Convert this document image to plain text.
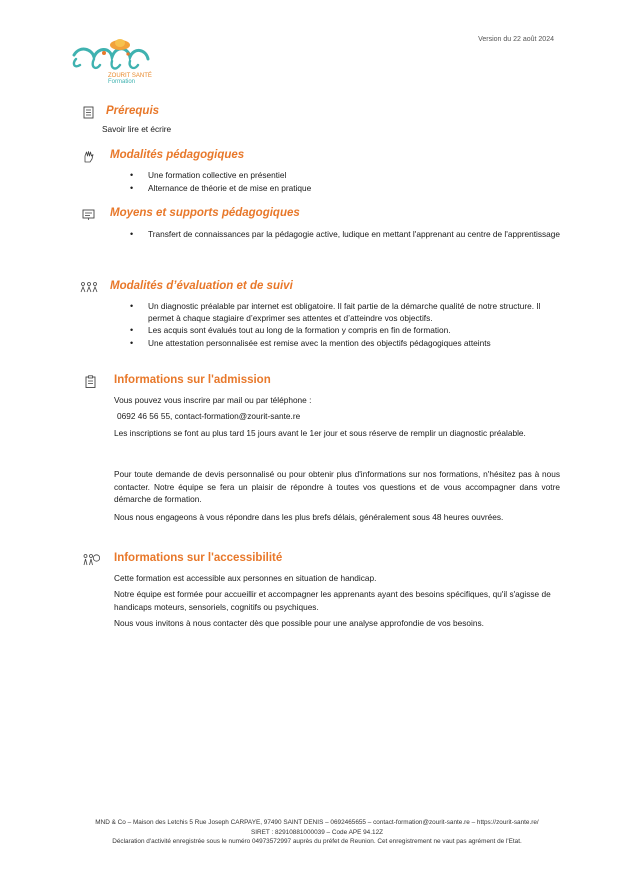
Version du 22 août 2024
ZOURIT SANTÉ
Formation
Prérequis
Savoir lire et écrire
Modalités pédagogiques
• Une formation collective en présentiel
• Alternance de théorie et de mise en pratique
Moyens et supports pédagogiques
• Transfert de connaissances par la pédagogie active, ludique en mettant l'apprenant au centre de l'apprentissage
Modalités d’évaluation et de suivi
• Un diagnostic préalable par internet est obligatoire. Il fait partie de la démarche qualité de notre structure. Il permet à chaque stagiaire d’exprimer ses attentes et d’atteindre vos objectifs.
• Les acquis sont évalués tout au long de la formation y compris en fin de formation.
• Une attestation personnalisée est remise avec la mention des objectifs pédagogiques atteints
Informations sur l'admission
Vous pouvez vous inscrire par mail ou par téléphone :
0692 46 56 55, contact-formation@zourit-sante.re
Les inscriptions se font au plus tard 15 jours avant le 1er jour et sous réserve de remplir un diagnostic préalable.
Pour toute demande de devis personnalisé ou pour obtenir plus d'informations sur nos formations, n'hésitez pas à nous contacter. Notre équipe se fera un plaisir de répondre à toutes vos questions et de vous accompagner dans votre démarche de formation.
Nous nous engageons à vous répondre dans les plus brefs délais, généralement sous 48 heures ouvrées.
Informations sur l'accessibilité
Cette formation est accessible aux personnes en situation de handicap.
Notre équipe est formée pour accueillir et accompagner les apprenants ayant des besoins spécifiques, qu'il s'agisse de handicaps moteurs, sensoriels, cognitifs ou psychiques.
Nous vous invitons à nous contacter dès que possible pour une analyse approfondie de vos besoins.
MND & Co – Maison des Letchis 5 Rue Joseph CARPAYE, 97490 SAINT DENIS – 0692465655 – contact-formation@zourit-sante.re – https://zourit-sante.re/
SIRET : 82910881000039 – Code APE 94.12Z
Déclaration d'activité enregistrée sous le numéro 04973572997 auprès du préfet de Reunion. Cet enregistrement ne vaut pas agrément de l'Etat.
